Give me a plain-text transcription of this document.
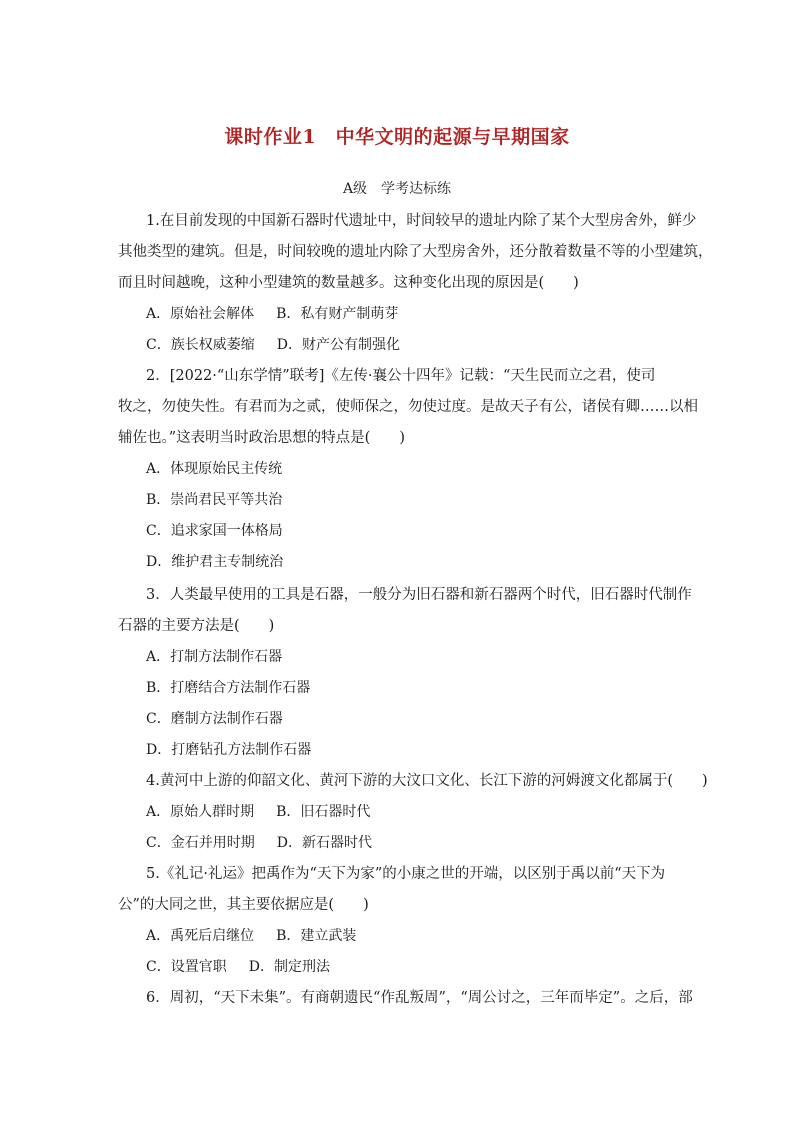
课时作业1　中华文明的起源与早期国家
A级　学考达标练
1.在目前发现的中国新石器时代遗址中，时间较早的遗址内除了某个大型房舍外，鲜少
其他类型的建筑。但是，时间较晚的遗址内除了大型房舍外，还分散着数量不等的小型建筑，
而且时间越晚，这种小型建筑的数量越多。这种变化出现的原因是(　　)
A．原始社会解体 B．私有财产制萌芽
C．族长权威萎缩 D．财产公有制强化
2．[2022·“山东学情”联考]《左传·襄公十四年》记载：“天生民而立之君，使司
牧之，勿使失性。有君而为之贰，使师保之，勿使过度。是故天子有公，诸侯有卿……以相
辅佐也。”这表明当时政治思想的特点是(　　)
A．体现原始民主传统
B．崇尚君民平等共治
C．追求家国一体格局
D．维护君主专制统治
3．人类最早使用的工具是石器，一般分为旧石器和新石器两个时代，旧石器时代制作
石器的主要方法是(　　)
A．打制方法制作石器
B．打磨结合方法制作石器
C．磨制方法制作石器
D．打磨钻孔方法制作石器
4.黄河中上游的仰韶文化、黄河下游的大汶口文化、长江下游的河姆渡文化都属于(　　)
A．原始人群时期 B．旧石器时代
C．金石并用时期 D．新石器时代
5.《礼记·礼运》把禹作为“天下为家”的小康之世的开端，以区别于禹以前“天下为
公”的大同之世，其主要依据应是(　　)
A．禹死后启继位 B．建立武装
C．设置官职 D．制定刑法
6．周初，“天下未集”。有商朝遗民“作乱叛周”，“周公讨之，三年而毕定”。之后，部
